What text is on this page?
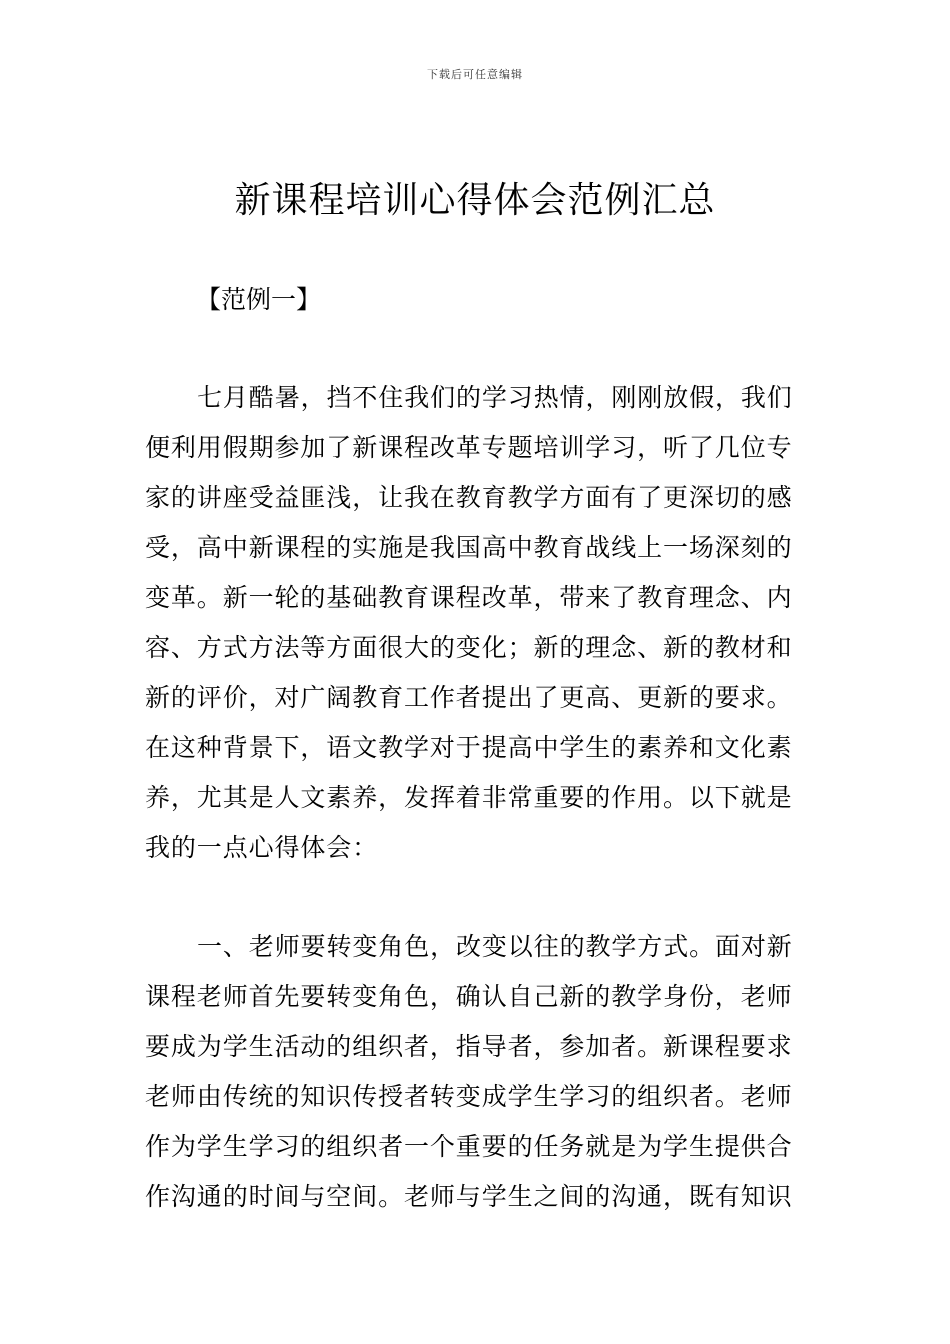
下载后可任意编辑
新课程培训心得体会范例汇总
【范例一】
七月酷暑，挡不住我们的学习热情，刚刚放假，我们
便利用假期参加了新课程改革专题培训学习，听了几位专
家的讲座受益匪浅，让我在教育教学方面有了更深切的感
受，高中新课程的实施是我国高中教育战线上一场深刻的
变革。新一轮的基础教育课程改革，带来了教育理念、内
容、方式方法等方面很大的变化；新的理念、新的教材和
新的评价，对广阔教育工作者提出了更高、更新的要求。
在这种背景下，语文教学对于提高中学生的素养和文化素
养，尤其是人文素养，发挥着非常重要的作用。以下就是
我的一点心得体会：
一、老师要转变角色，改变以往的教学方式。面对新
课程老师首先要转变角色，确认自己新的教学身份，老师
要成为学生活动的组织者，指导者，参加者。新课程要求
老师由传统的知识传授者转变成学生学习的组织者。老师
作为学生学习的组织者一个重要的任务就是为学生提供合
作沟通的时间与空间。老师与学生之间的沟通，既有知识
